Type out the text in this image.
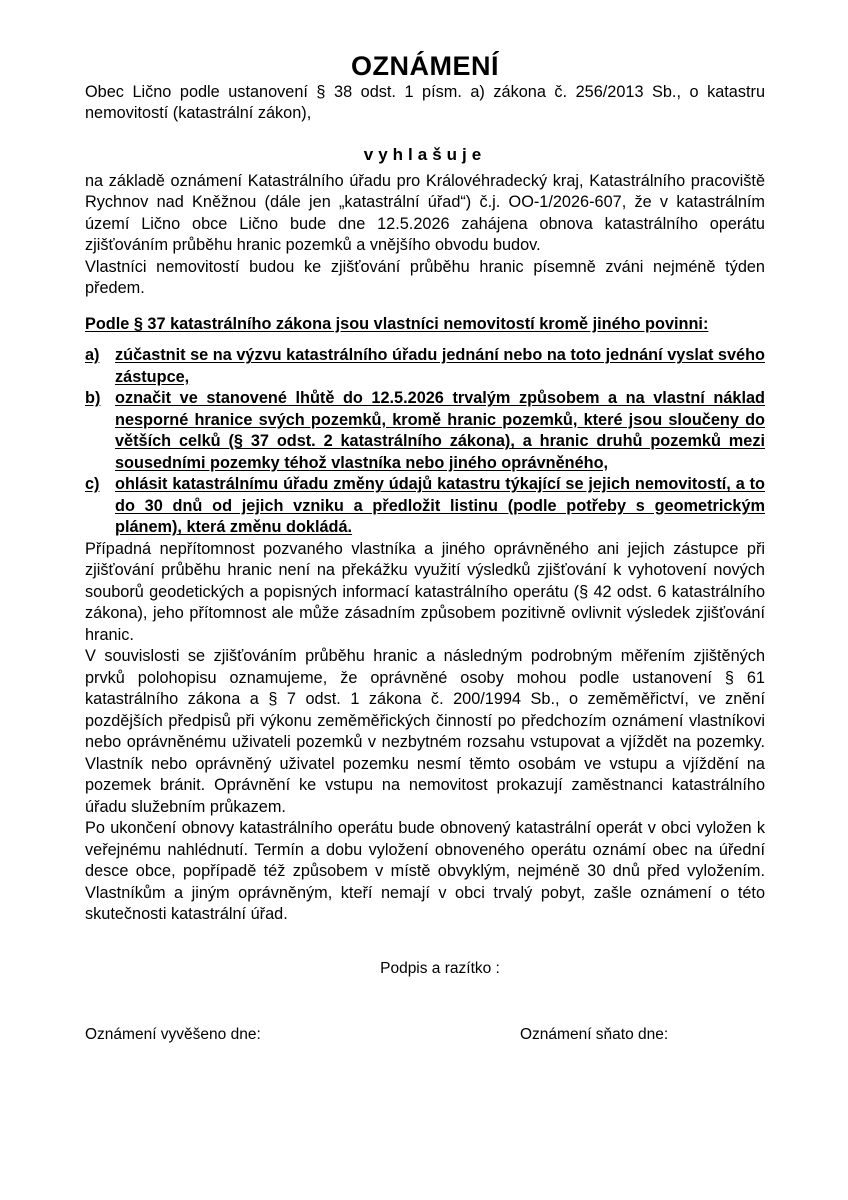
OZNÁMENÍ

Obec Lično podle ustanovení § 38 odst. 1 písm. a) zákona č. 256/2013 Sb., o katastru nemovitostí (katastrální zákon),

vyhlašuje

na základě oznámení Katastrálního úřadu pro Královéhradecký kraj, Katastrálního pracoviště Rychnov nad Kněžnou (dále jen „katastrální úřad“) č.j. OO-1/2026-607, že v katastrálním území Lično obce Lično bude dne 12.5.2026 zahájena obnova katastrálního operátu zjišťováním průběhu hranic pozemků a vnějšího obvodu budov.

Vlastníci nemovitostí budou ke zjišťování průběhu hranic písemně zváni nejméně týden předem.

Podle § 37 katastrálního zákona jsou vlastníci nemovitostí kromě jiného povinni:

a) zúčastnit se na výzvu katastrálního úřadu jednání nebo na toto jednání vyslat svého zástupce,
b) označit ve stanovené lhůtě do 12.5.2026 trvalým způsobem a na vlastní náklad nesporné hranice svých pozemků, kromě hranic pozemků, které jsou sloučeny do větších celků (§ 37 odst. 2 katastrálního zákona), a hranic druhů pozemků mezi sousedními pozemky téhož vlastníka nebo jiného oprávněného,
c) ohlásit katastrálnímu úřadu změny údajů katastru týkající se jejich nemovitostí, a to do 30 dnů od jejich vzniku a předložit listinu (podle potřeby s geometrickým plánem), která změnu dokládá.

Případná nepřítomnost pozvaného vlastníka a jiného oprávněného ani jejich zástupce při zjišťování průběhu hranic není na překážku využití výsledků zjišťování k vyhotovení nových souborů geodetických a popisných informací katastrálního operátu (§ 42 odst. 6 katastrálního zákona), jeho přítomnost ale může zásadním způsobem pozitivně ovlivnit výsledek zjišťování hranic.

V souvislosti se zjišťováním průběhu hranic a následným podrobným měřením zjištěných prvků polohopisu oznamujeme, že oprávněné osoby mohou podle ustanovení § 61 katastrálního zákona a § 7 odst. 1 zákona č. 200/1994 Sb., o zeměměřictví, ve znění pozdějších předpisů při výkonu zeměměřických činností po předchozím oznámení vlastníkovi nebo oprávněnému uživateli pozemků v nezbytném rozsahu vstupovat a vjíždět na pozemky. Vlastník nebo oprávněný uživatel pozemku nesmí těmto osobám ve vstupu a vjíždění na pozemek bránit. Oprávnění ke vstupu na nemovitost prokazují zaměstnanci katastrálního úřadu služebním průkazem.

Po ukončení obnovy katastrálního operátu bude obnovený katastrální operát v obci vyložen k veřejnému nahlédnutí. Termín a dobu vyložení obnoveného operátu oznámí obec na úřední desce obce, popřípadě též způsobem v místě obvyklým, nejméně 30 dnů před vyložením. Vlastníkům a jiným oprávněným, kteří nemají v obci trvalý pobyt, zašle oznámení o této skutečnosti katastrální úřad.

Podpis a razítko :

Oznámení vyvěšeno dne:	Oznámení sňato dne:
